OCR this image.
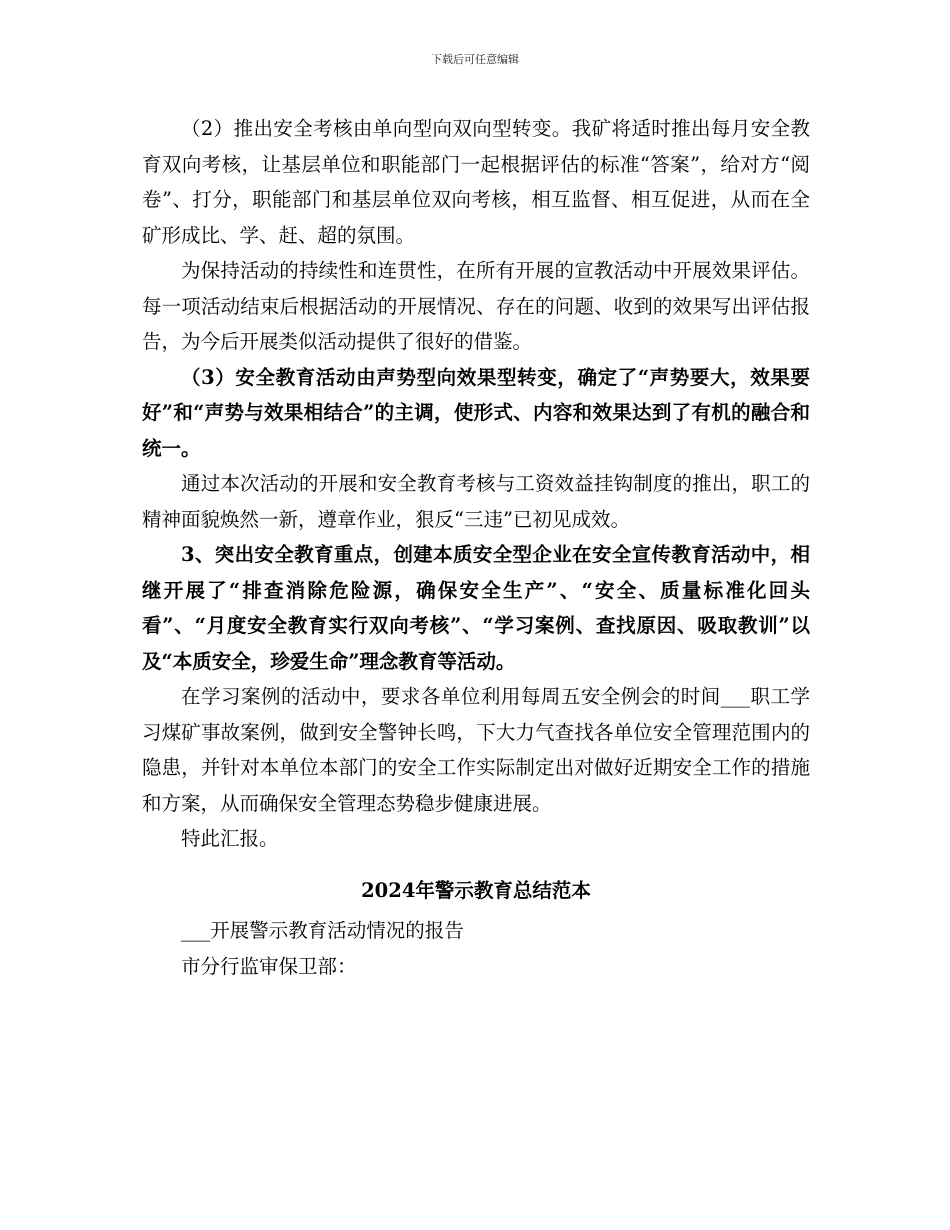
下载后可任意编辑

（2）推出安全考核由单向型向双向型转变。我矿将适时推出每月安全教育双向考核，让基层单位和职能部门一起根据评估的标准“答案”，给对方“阅卷”、打分，职能部门和基层单位双向考核，相互监督、相互促进，从而在全矿形成比、学、赶、超的氛围。

为保持活动的持续性和连贯性，在所有开展的宣教活动中开展效果评估。每一项活动结束后根据活动的开展情况、存在的问题、收到的效果写出评估报告，为今后开展类似活动提供了很好的借鉴。

（3）安全教育活动由声势型向效果型转变，确定了“声势要大，效果要好”和“声势与效果相结合”的主调，使形式、内容和效果达到了有机的融合和统一。

通过本次活动的开展和安全教育考核与工资效益挂钩制度的推出，职工的精神面貌焕然一新，遵章作业，狠反“三违”已初见成效。

3、突出安全教育重点，创建本质安全型企业在安全宣传教育活动中，相继开展了“排查消除危险源，确保安全生产”、“安全、质量标准化回头看”、“月度安全教育实行双向考核”、“学习案例、查找原因、吸取教训”以及“本质安全，珍爱生命”理念教育等活动。

在学习案例的活动中，要求各单位利用每周五安全例会的时间___职工学习煤矿事故案例，做到安全警钟长鸣，下大力气查找各单位安全管理范围内的隐患，并针对本单位本部门的安全工作实际制定出对做好近期安全工作的措施和方案，从而确保安全管理态势稳步健康进展。

特此汇报。

2024年警示教育总结范本

___开展警示教育活动情况的报告

市分行监审保卫部：
